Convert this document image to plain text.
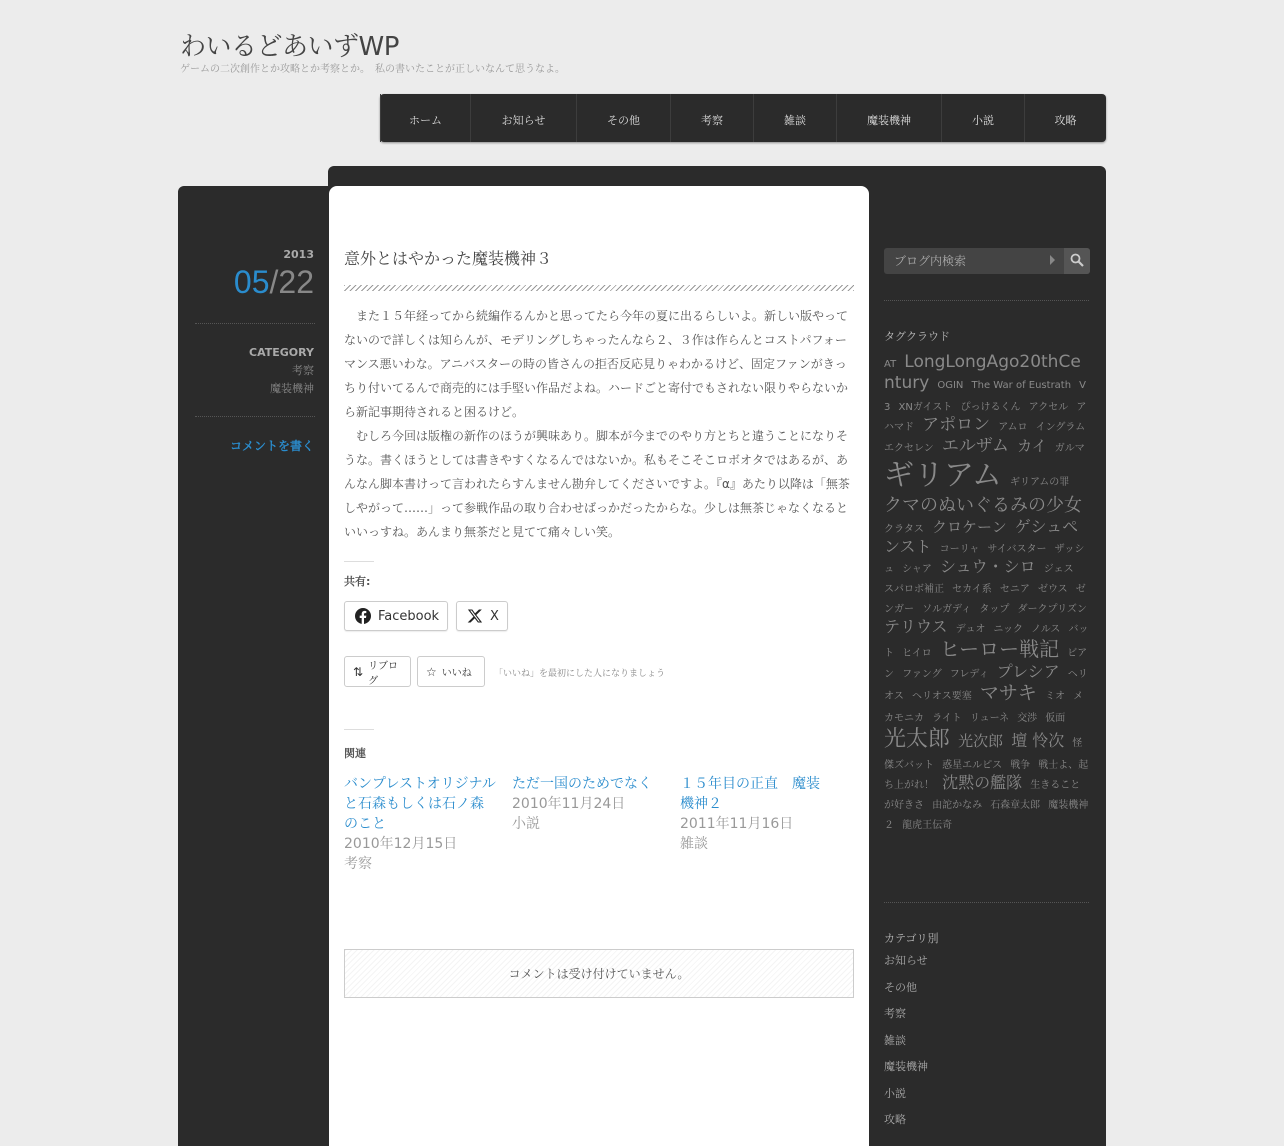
わいるどあいずWP
ゲームの二次創作とか攻略とか考察とか。　私の書いたことが正しいなんて思うなよ。
ホーム	お知らせ	その他	考察	雑談	魔装機神	小説	攻略
2013
05/22
CATEGORY
考察
魔装機神
コメントを書く
意外とはやかった魔装機神３

また１５年経ってから続編作るんかと思ってたら今年の夏に出るらしいよ。新しい版やってないので詳しくは知らんが、モデリングしちゃったんなら２、３作は作らんとコストパフォーマンス悪いわな。アニバスターの時の皆さんの拒否反応見りゃわかるけど、固定ファンがきっちり付いてるんで商売的には手堅い作品だよね。ハードごと寄付でもされない限りやらないから新記事期待されると困るけど。

むしろ今回は版権の新作のほうが興味あり。脚本が今までのやり方とちと違うことになりそうな。書くほうとしては書きやすくなるんではないか。私もそこそこロボオタではあるが、あんなん脚本書けって言われたらすんません勘弁してくださいですよ。『α』あたり以降は「無茶しやがって……」って参戦作品の取り合わせばっかだったからな。少しは無茶じゃなくなるといいっすね。あんまり無茶だと見てて痛々しい笑。

共有:
Facebook	X
⇅ リブログ
☆ いいね 「いいね」を最初にした人になりましょう
関連
バンプレストオリジナルと石森もしくは石ノ森のこと
2010年12月15日
考察
ただ一国のためでなく
2010年11月24日
小説
１５年目の正直　魔装機神２
2011年11月16日
雑談
コメントは受け付けていません。
ブログ内検索
タグクラウド
AT LongLongAgo20thCentury OGIN The War of Eustrath V3 XNガイスト ぴっけるくん アクセル アハマド アポロン アムロ イングラム エクセレン エルザム カイ ガルマ ギリアム ギリアムの罪 クマのぬいぐるみの少女 クラタス クロケーン ゲシュペンスト コーリャ サイバスター ザッシュ シャア シュウ・シロ ジェス スパロボ補正 セカイ系 セニア ゼウス ゼンガー ソルガディ タップ ダークプリズン テリウス デュオ ニック ノルス バット ヒイロ ヒーロー戦記 ビアン ファング フレディ プレシア ヘリオス ヘリオス要塞 マサキ ミオ メカモニカ ライト リューネ 交渉 仮面 光太郎 光次郎 壇 怜次 怪傑ズバット 惑星エルピス 戦争 戦士よ、起ち上がれ！ 沈黙の艦隊 生きることが好きさ 由詑かなみ 石森章太郎 魔装機神２ 龍虎王伝奇
カテゴリ別
お知らせ
その他
考察
雑談
魔装機神
小説
攻略
